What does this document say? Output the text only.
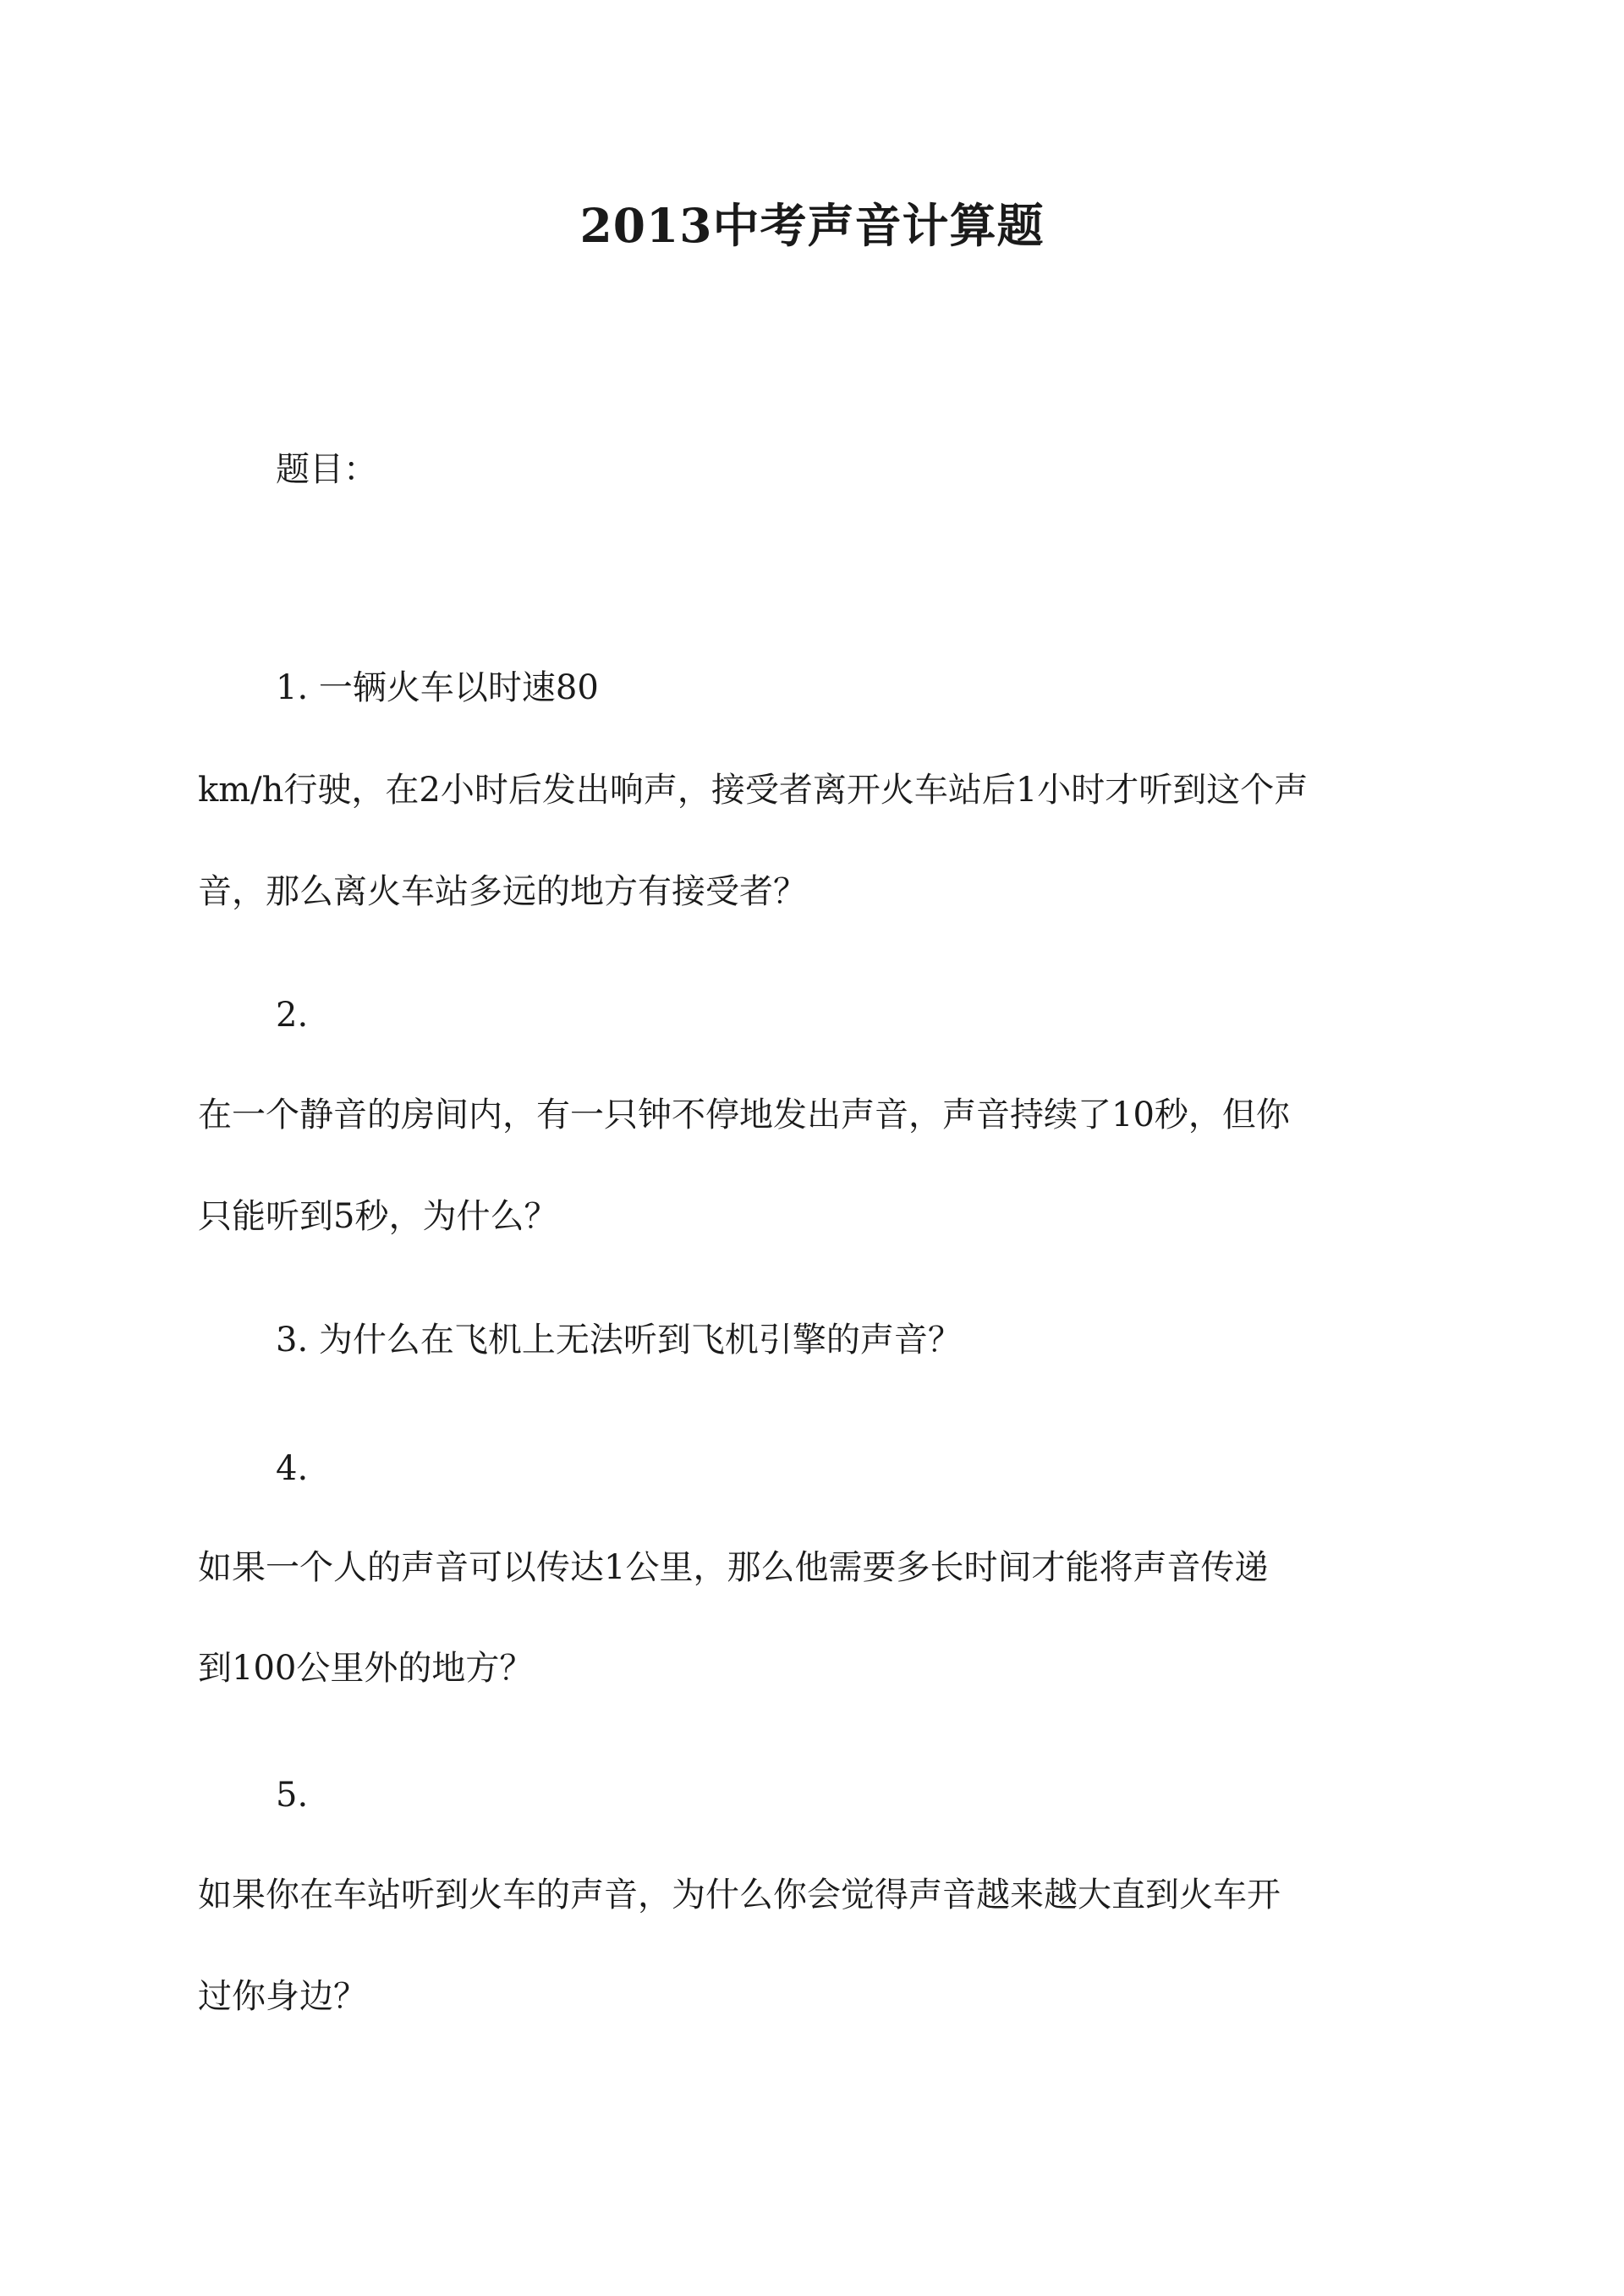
2013中考声音计算题

题目：

1. 一辆火车以时速80

km/h行驶，在2小时后发出响声，接受者离开火车站后1小时才听到这个声

音，那么离火车站多远的地方有接受者？

2.

在一个静音的房间内，有一只钟不停地发出声音，声音持续了10秒，但你

只能听到5秒，为什么？

3. 为什么在飞机上无法听到飞机引擎的声音？

4.

如果一个人的声音可以传达1公里，那么他需要多长时间才能将声音传递

到100公里外的地方？

5.

如果你在车站听到火车的声音，为什么你会觉得声音越来越大直到火车开

过你身边？
